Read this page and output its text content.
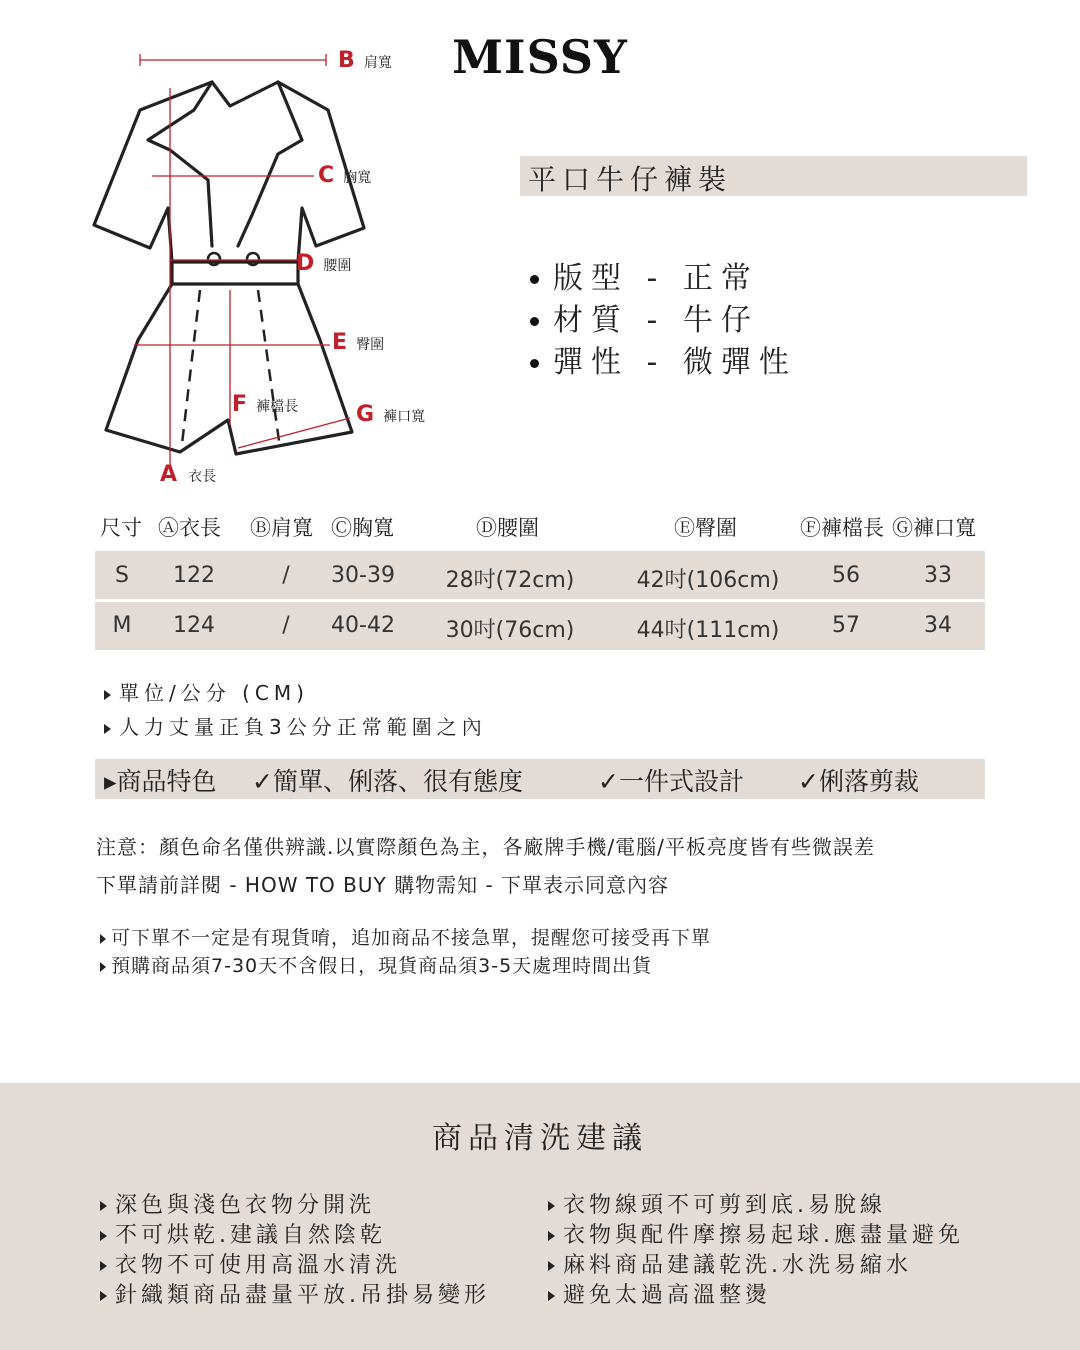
MISSY
平口牛仔褲裝
B 肩寬
C 胸寬
D 腰圍
E 臀圍
F 褲檔長	G 褲口寬
A 衣長
版型 - 正常
材質 - 牛仔
彈性 - 微彈性
尺寸 Ⓐ衣長 Ⓑ肩寬 Ⓒ胸寬	Ⓓ腰圍	Ⓔ臀圍	Ⓕ褲檔長 Ⓖ褲口寬
S	122	/	30-39	28吋(72cm)	42吋(106cm)	56	33
M	124	/	40-42	30吋(76cm)	44吋(111cm)	57	34
單位/公分 (CM)
人力丈量正負3公分正常範圍之內
▸商品特色 ✓簡單、俐落、很有態度	✓一件式設計 ✓俐落剪裁
注意：顏色命名僅供辨識.以實際顏色為主，各廠牌手機/電腦/平板亮度皆有些微誤差
下單請前詳閱 - HOW TO BUY 購物需知 - 下單表示同意內容
可下單不一定是有現貨唷，追加商品不接急單，提醒您可接受再下單
預購商品須7-30天不含假日，現貨商品須3-5天處理時間出貨
商品清洗建議
深色與淺色衣物分開洗
不可烘乾.建議自然陰乾
衣物不可使用高溫水清洗
針織類商品盡量平放.吊掛易變形
衣物線頭不可剪到底.易脫線
衣物與配件摩擦易起球.應盡量避免
麻料商品建議乾洗.水洗易縮水
避免太過高溫整燙
